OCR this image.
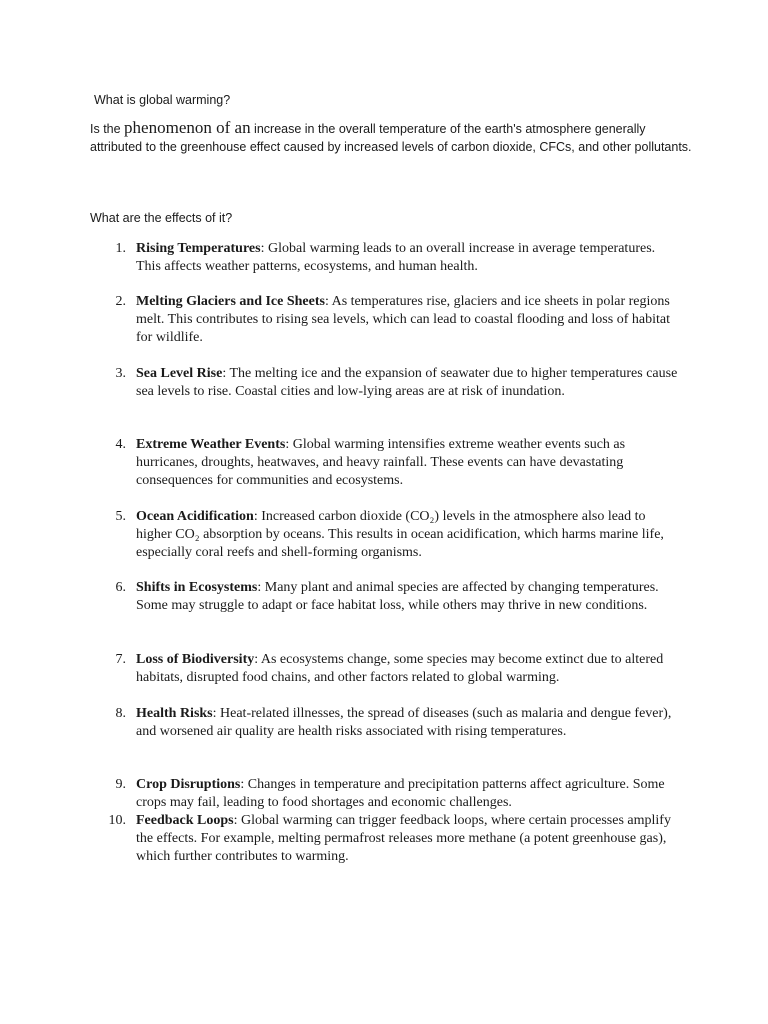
What is global warming?
Is the phenomenon of an increase in the overall temperature of the earth's atmosphere generally attributed to the greenhouse effect caused by increased levels of carbon dioxide, CFCs, and other pollutants.
What are the effects of it?
1. Rising Temperatures: Global warming leads to an overall increase in average temperatures. This affects weather patterns, ecosystems, and human health.
2. Melting Glaciers and Ice Sheets: As temperatures rise, glaciers and ice sheets in polar regions melt. This contributes to rising sea levels, which can lead to coastal flooding and loss of habitat for wildlife.
3. Sea Level Rise: The melting ice and the expansion of seawater due to higher temperatures cause sea levels to rise. Coastal cities and low-lying areas are at risk of inundation.
4. Extreme Weather Events: Global warming intensifies extreme weather events such as hurricanes, droughts, heatwaves, and heavy rainfall. These events can have devastating consequences for communities and ecosystems.
5. Ocean Acidification: Increased carbon dioxide (CO₂) levels in the atmosphere also lead to higher CO₂ absorption by oceans. This results in ocean acidification, which harms marine life, especially coral reefs and shell-forming organisms.
6. Shifts in Ecosystems: Many plant and animal species are affected by changing temperatures. Some may struggle to adapt or face habitat loss, while others may thrive in new conditions.
7. Loss of Biodiversity: As ecosystems change, some species may become extinct due to altered habitats, disrupted food chains, and other factors related to global warming.
8. Health Risks: Heat-related illnesses, the spread of diseases (such as malaria and dengue fever), and worsened air quality are health risks associated with rising temperatures.
9. Crop Disruptions: Changes in temperature and precipitation patterns affect agriculture. Some crops may fail, leading to food shortages and economic challenges.
10. Feedback Loops: Global warming can trigger feedback loops, where certain processes amplify the effects. For example, melting permafrost releases more methane (a potent greenhouse gas), which further contributes to warming.
